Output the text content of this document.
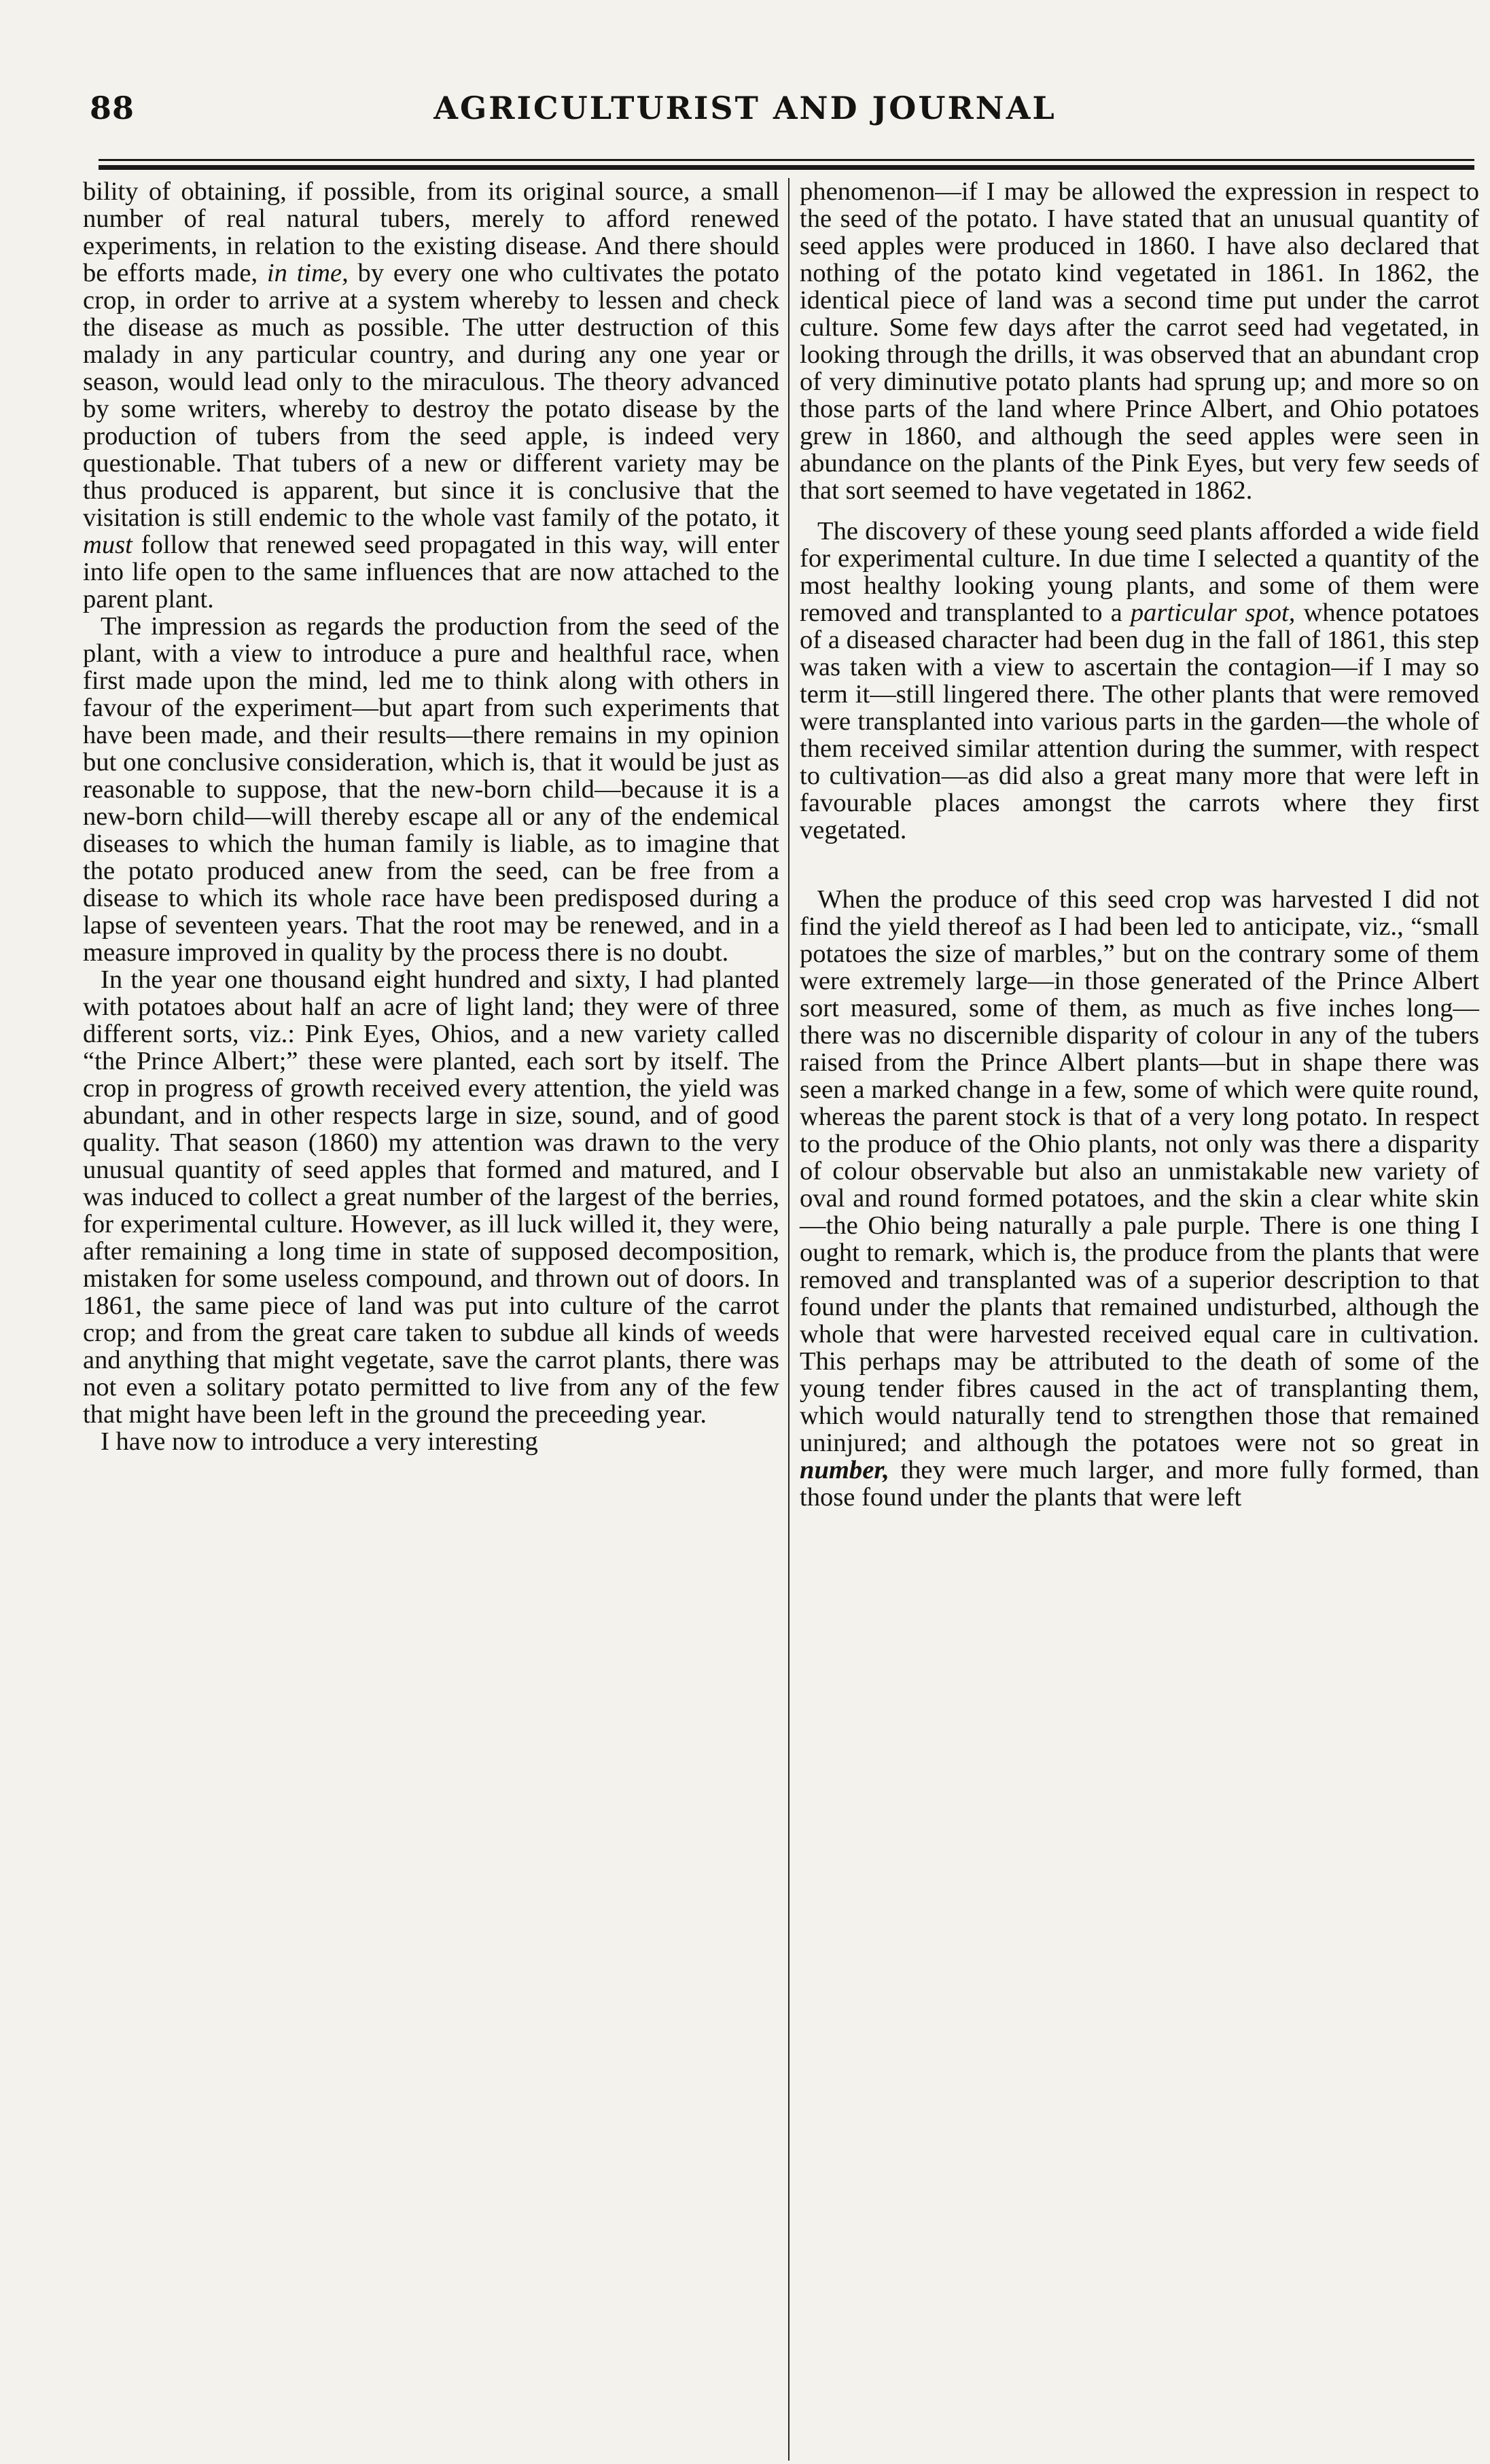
88	AGRICULTURIST AND JOURNAL

bility of obtaining, if possible, from its original source, a small number of real natural tubers, merely to afford renewed experiments, in relation to the existing disease. And there should be efforts made, in time, by every one who cultivates the potato crop, in order to arrive at a system whereby to lessen and check the disease as much as possible. The utter destruction of this malady in any particular country, and during any one year or season, would lead only to the miraculous. The theory advanced by some writers, whereby to destroy the potato disease by the production of tubers from the seed apple, is indeed very questionable. That tubers of a new or different variety may be thus produced is apparent, but since it is conclusive that the visitation is still endemic to the whole vast family of the potato, it must follow that renewed seed propagated in this way, will enter into life open to the same influences that are now attached to the parent plant.

The impression as regards the production from the seed of the plant, with a view to introduce a pure and healthful race, when first made upon the mind, led me to think along with others in favour of the experiment—but apart from such experiments that have been made, and their results—there remains in my opinion but one conclusive consideration, which is, that it would be just as reasonable to suppose, that the new-born child—because it is a new-born child—will thereby escape all or any of the endemical diseases to which the human family is liable, as to imagine that the potato produced anew from the seed, can be free from a disease to which its whole race have been predisposed during a lapse of seventeen years. That the root may be renewed, and in a measure improved in quality by the process there is no doubt.

In the year one thousand eight hundred and sixty, I had planted with potatoes about half an acre of light land; they were of three different sorts, viz.: Pink Eyes, Ohios, and a new variety called “the Prince Albert;” these were planted, each sort by itself. The crop in progress of growth received every attention, the yield was abundant, and in other respects large in size, sound, and of good quality. That season (1860) my attention was drawn to the very unusual quantity of seed apples that formed and matured, and I was induced to collect a great number of the largest of the berries, for experimental culture. However, as ill luck willed it, they were, after remaining a long time in state of supposed decomposition, mistaken for some useless compound, and thrown out of doors. In 1861, the same piece of land was put into culture of the carrot crop; and from the great care taken to subdue all kinds of weeds and anything that might vegetate, save the carrot plants, there was not even a solitary potato permitted to live from any of the few that might have been left in the ground the preceeding year.

I have now to introduce a very interesting

phenomenon—if I may be allowed the expression in respect to the seed of the potato. I have stated that an unusual quantity of seed apples were produced in 1860. I have also declared that nothing of the potato kind vegetated in 1861. In 1862, the identical piece of land was a second time put under the carrot culture. Some few days after the carrot seed had vegetated, in looking through the drills, it was observed that an abundant crop of very diminutive potato plants had sprung up; and more so on those parts of the land where Prince Albert, and Ohio potatoes grew in 1860, and although the seed apples were seen in abundance on the plants of the Pink Eyes, but very few seeds of that sort seemed to have vegetated in 1862.

The discovery of these young seed plants afforded a wide field for experimental culture. In due time I selected a quantity of the most healthy looking young plants, and some of them were removed and transplanted to a particular spot, whence potatoes of a diseased character had been dug in the fall of 1861, this step was taken with a view to ascertain the contagion—if I may so term it—still lingered there. The other plants that were removed were transplanted into various parts in the garden—the whole of them received similar attention during the summer, with respect to cultivation—as did also a great many more that were left in favourable places amongst the carrots where they first vegetated.

When the produce of this seed crop was harvested I did not find the yield thereof as I had been led to anticipate, viz., “small potatoes the size of marbles,” but on the contrary some of them were extremely large—in those generated of the Prince Albert sort measured, some of them, as much as five inches long—there was no discernible disparity of colour in any of the tubers raised from the Prince Albert plants—but in shape there was seen a marked change in a few, some of which were quite round, whereas the parent stock is that of a very long potato. In respect to the produce of the Ohio plants, not only was there a disparity of colour observable but also an unmistakable new variety of oval and round formed potatoes, and the skin a clear white skin—the Ohio being naturally a pale purple. There is one thing I ought to remark, which is, the produce from the plants that were removed and transplanted was of a superior description to that found under the plants that remained undisturbed, although the whole that were harvested received equal care in cultivation. This perhaps may be attributed to the death of some of the young tender fibres caused in the act of transplanting them, which would naturally tend to strengthen those that remained uninjured; and although the potatoes were not so great in number, they were much larger, and more fully formed, than those found under the plants that were left
